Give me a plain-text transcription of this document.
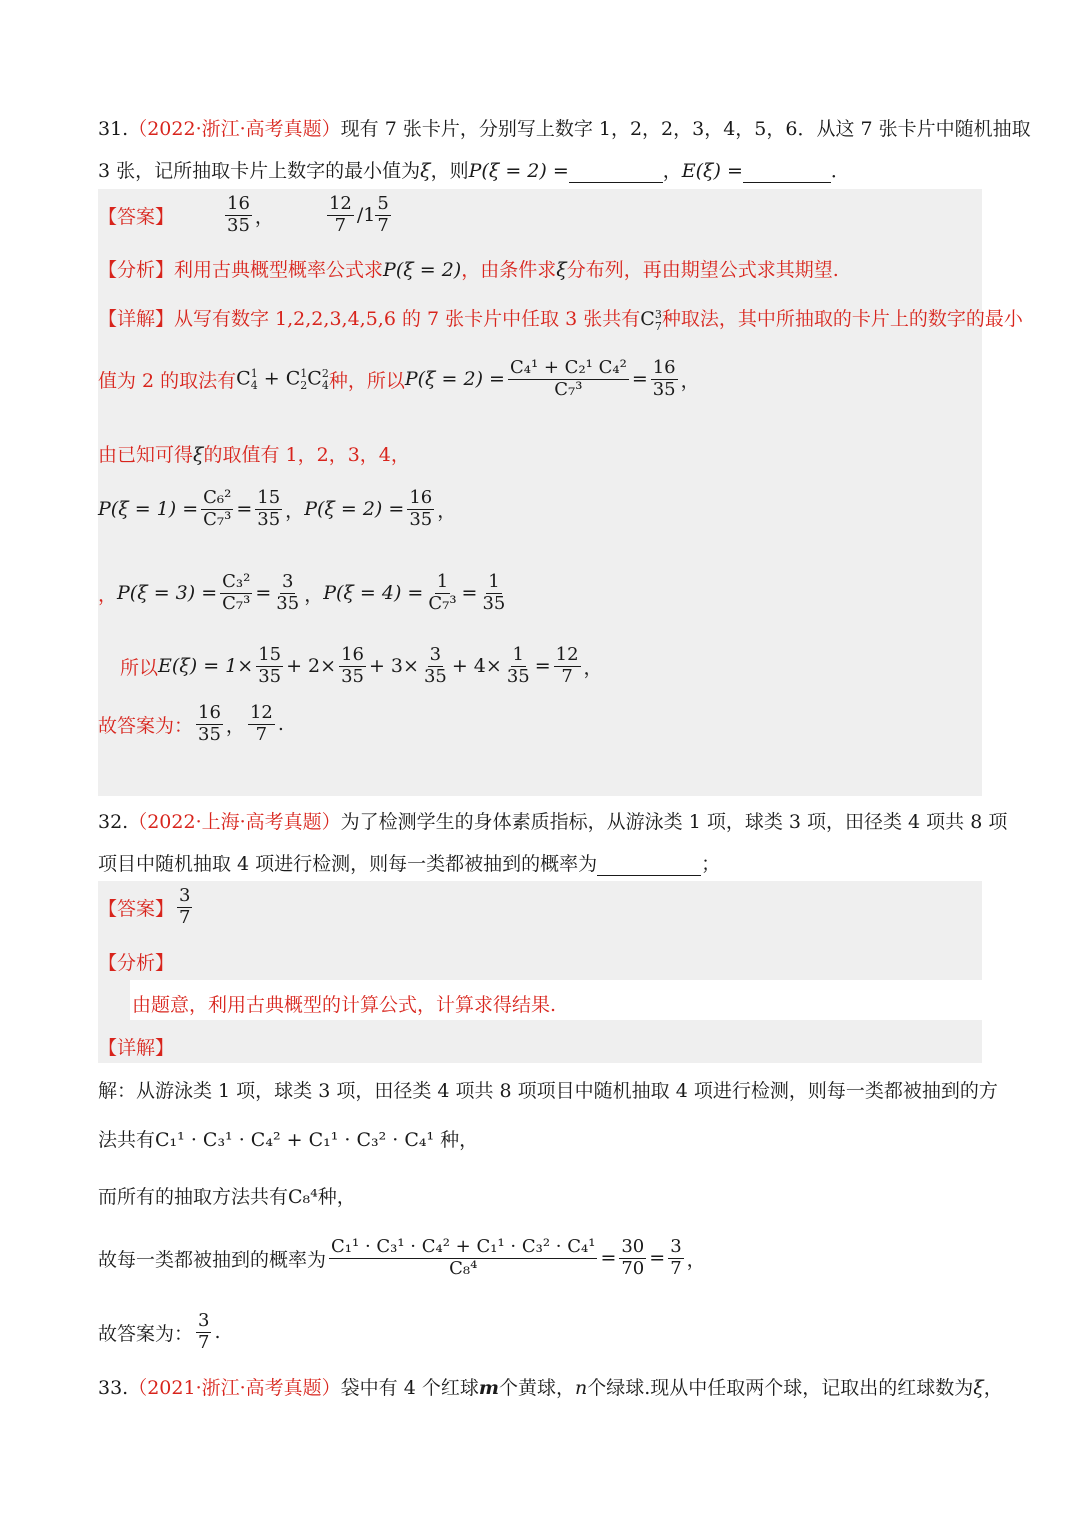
31.（2022·浙江·高考真题）现有 7 张卡片，分别写上数字 1，2，2，3，4，5，6．从这 7 张卡片中随机抽取
3 张，记所抽取卡片上数字的最小值为ξ，则P(ξ = 2) =	，E(ξ) =	．
【答案】	$\frac{16}{35}$ ，	$\frac{12}{7} /1 \frac{5}{7}$
【分析】利用古典概型概率公式求P(ξ = 2)，由条件求ξ分布列，再由期望公式求其期望.
【详解】从写有数字 1,2,2,3,4,5,6 的 7 张卡片中任取 3 张共有$C_7^3$种取法，其中所抽取的卡片上的数字的最小
值为 2 的取法有 $C_4^1 + C_2^1C_4^2$ 种，所以 $P(\xi = 2) = \frac{\text{C₄¹ + C₂¹ C₄²}}{\text{C₇³}} = \frac{16}{35}$ ，
由已知可得ξ的取值有 1，2，3，4，
$P(\xi = 1) = \frac{\text{C₆²}}{\text{C₇³}} = \frac{15}{35}$ ， $P(\xi = 2) = \frac{16}{35}$ ，
， $P(\xi = 3) = \frac{\text{C₃²}}{\text{C₇³}} = \frac{3}{35}$ ， $P(\xi = 4) = \frac{1}{\text{C₇³}} = \frac{1}{35}$
所以 $E(\xi) = 1\times \frac{15}{35} + 2\times \frac{16}{35} + 3\times \frac{3}{35} + 4\times \frac{1}{35} = \frac{12}{7}$ ，
故答案为： $\frac{16}{35}$ ， $\frac{12}{7}$ .
32.（2022·上海·高考真题）为了检测学生的身体素质指标，从游泳类 1 项，球类 3 项，田径类 4 项共 8 项
项目中随机抽取 4 项进行检测，则每一类都被抽到的概率为	；
【答案】 $\frac{3}{7}$
【分析】
由题意，利用古典概型的计算公式，计算求得结果.
【详解】
解：从游泳类 1 项，球类 3 项，田径类 4 项共 8 项项目中随机抽取 4 项进行检测，则每一类都被抽到的方
法共有C₁¹ · C₃¹ · C₄² + C₁¹ · C₃² · C₄¹ 种，
而所有的抽取方法共有C₈⁴种，
故每一类都被抽到的概率为 $\frac{\text{C₁¹ · C₃¹ · C₄² + C₁¹ · C₃² · C₄¹}}{\text{C₈⁴}} = \frac{30}{70} = \frac{3}{7}$ ，
故答案为： $\frac{3}{7}$ .
33.（2021·浙江·高考真题）袋中有 4 个红球m个黄球，n个绿球.现从中任取两个球，记取出的红球数为ξ，
